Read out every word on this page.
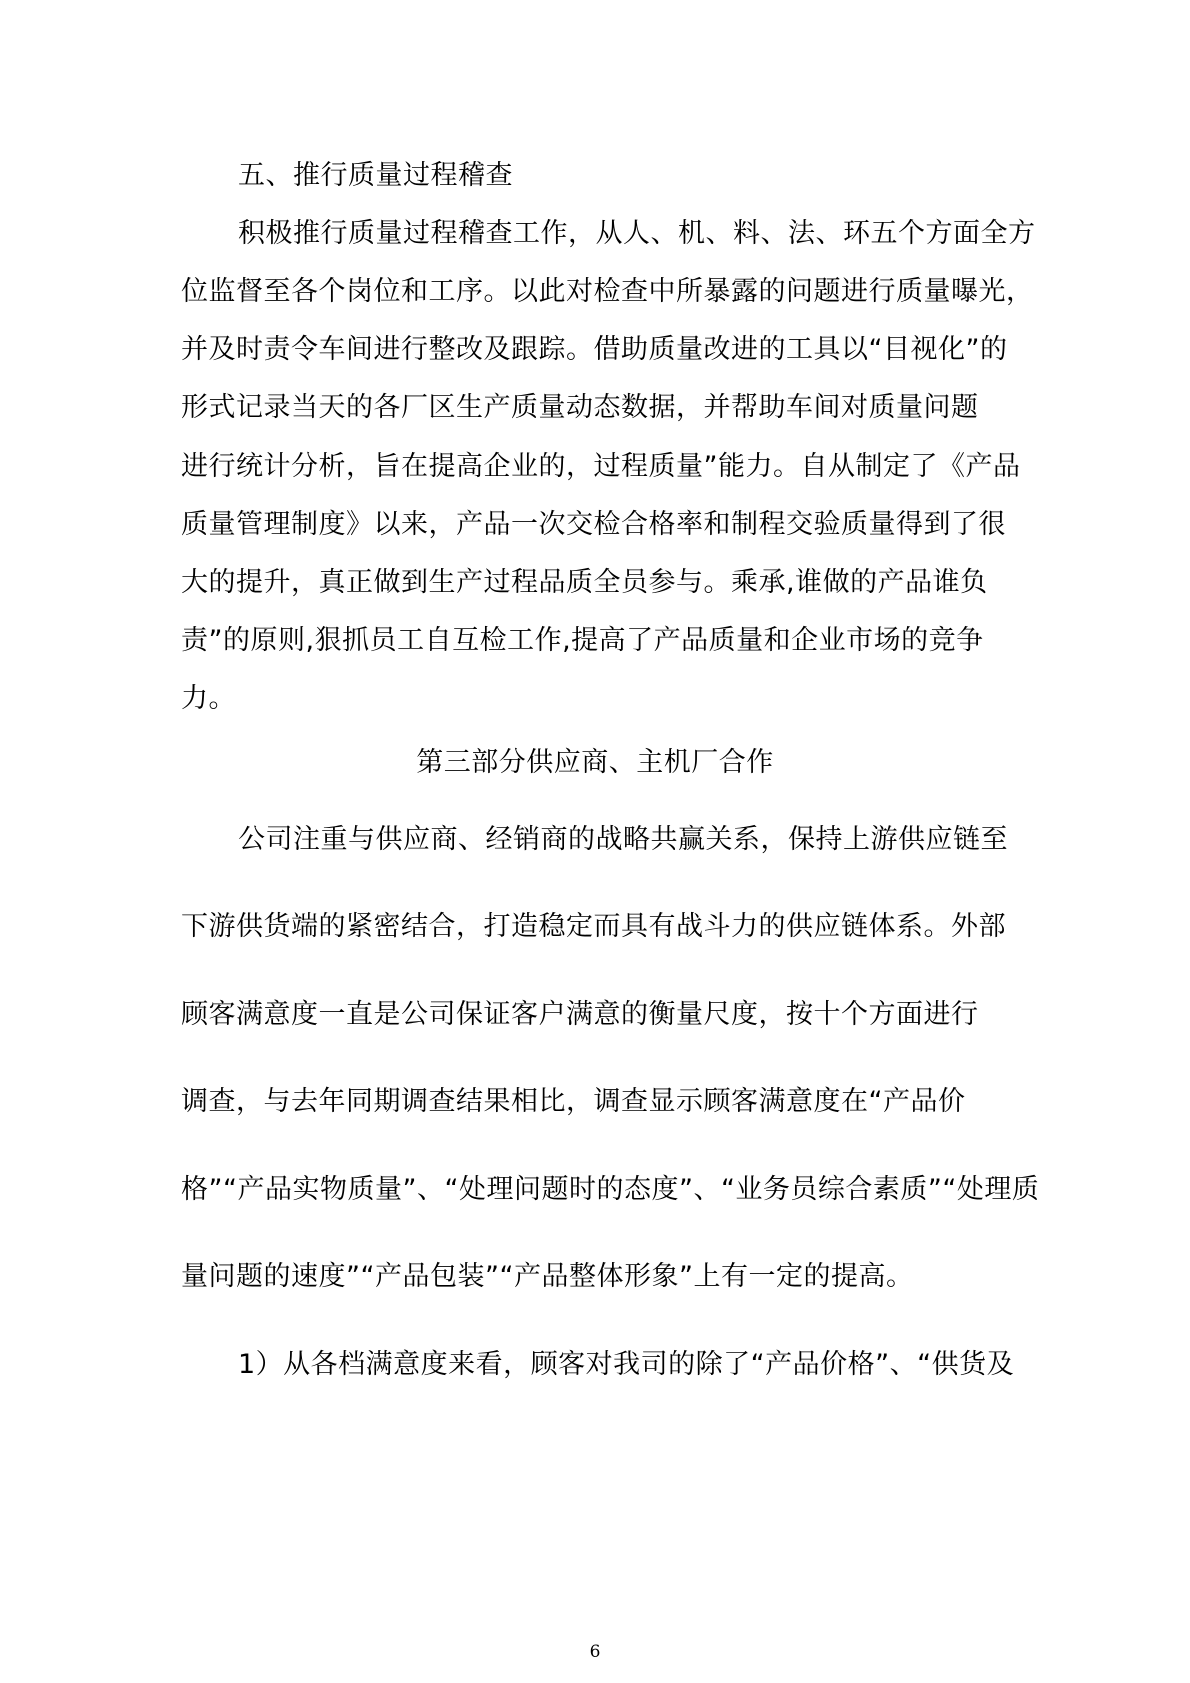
五、推行质量过程稽查
积极推行质量过程稽查工作，从人、机、料、法、环五个方面全方
位监督至各个岗位和工序。以此对检查中所暴露的问题进行质量曝光，
并及时责令车间进行整改及跟踪。借助质量改进的工具以“目视化”的
形式记录当天的各厂区生产质量动态数据，并帮助车间对质量问题
进行统计分析，旨在提高企业的，过程质量”能力。自从制定了《产品
质量管理制度》以来，产品一次交检合格率和制程交验质量得到了很
大的提升，真正做到生产过程品质全员参与。乘承,谁做的产品谁负
责”的原则,狠抓员工自互检工作,提高了产品质量和企业市场的竞争
力。
第三部分供应商、主机厂合作
公司注重与供应商、经销商的战略共赢关系，保持上游供应链至
下游供货端的紧密结合，打造稳定而具有战斗力的供应链体系。外部
顾客满意度一直是公司保证客户满意的衡量尺度，按十个方面进行
调查，与去年同期调查结果相比，调查显示顾客满意度在“产品价
格”“产品实物质量”、“处理问题时的态度”、“业务员综合素质”“处理质
量问题的速度”“产品包装”“产品整体形象”上有一定的提高。
1）从各档满意度来看，顾客对我司的除了“产品价格”、“供货及
6
